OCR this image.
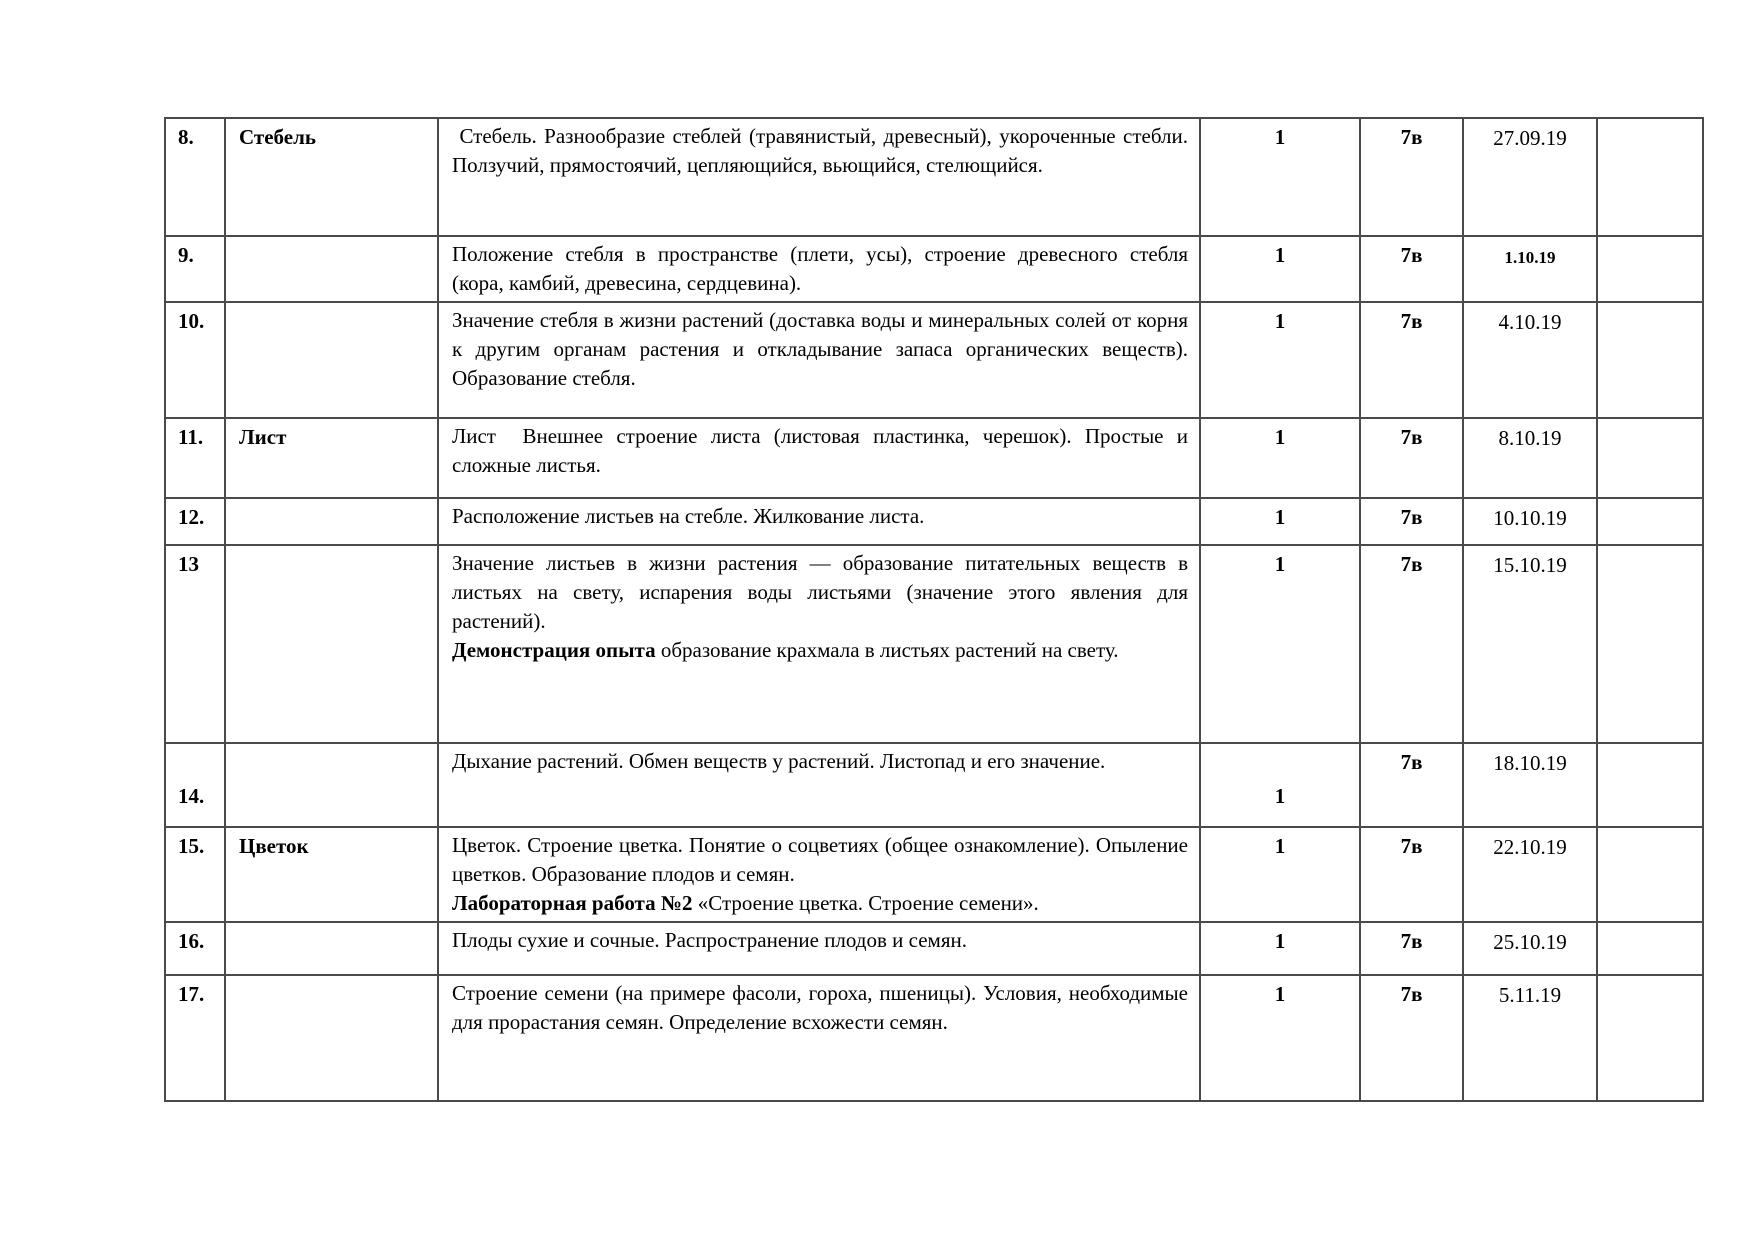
8.	Стебель	Стебель. Разнообразие стеблей (травянистый, древесный), укороченные стебли. Ползучий, прямостоячий, цепляющийся, вьющийся, стелющийся.	1	7в	27.09.19	
9.		Положение стебля в пространстве (плети, усы), строение древесного стебля (кора, камбий, древесина, сердцевина).	1	7в	1.10.19	
10.		Значение стебля в жизни растений (доставка воды и минеральных солей от корня к другим органам растения и откладывание запаса органических веществ). Образование стебля.	1	7в	4.10.19	
11.	Лист	Лист  Внешнее строение листа (листовая пластинка, черешок). Простые и сложные листья.	1	7в	8.10.19	
12.		Расположение листьев на стебле. Жилкование листа.	1	7в	10.10.19	
13		Значение листьев в жизни растения — образование питательных веществ в листьях на свету, испарения воды листьями (значение этого явления для растений).
Демонстрация опыта образование крахмала в листьях растений на свету.	1	7в	15.10.19	
14.		Дыхание растений. Обмен веществ у растений. Листопад и его значение.	1	7в	18.10.19	
15.	Цветок	Цветок. Строение цветка. Понятие о соцветиях (общее ознакомление). Опыление цветков. Образование плодов и семян.
Лабораторная работа №2 «Строение цветка. Строение семени».	1	7в	22.10.19	
16.		Плоды сухие и сочные. Распространение плодов и семян.	1	7в	25.10.19	
17.		Строение семени (на примере фасоли, гороха, пшеницы). Условия, необходимые для прорастания семян. Определение всхожести семян.	1	7в	5.11.19	
